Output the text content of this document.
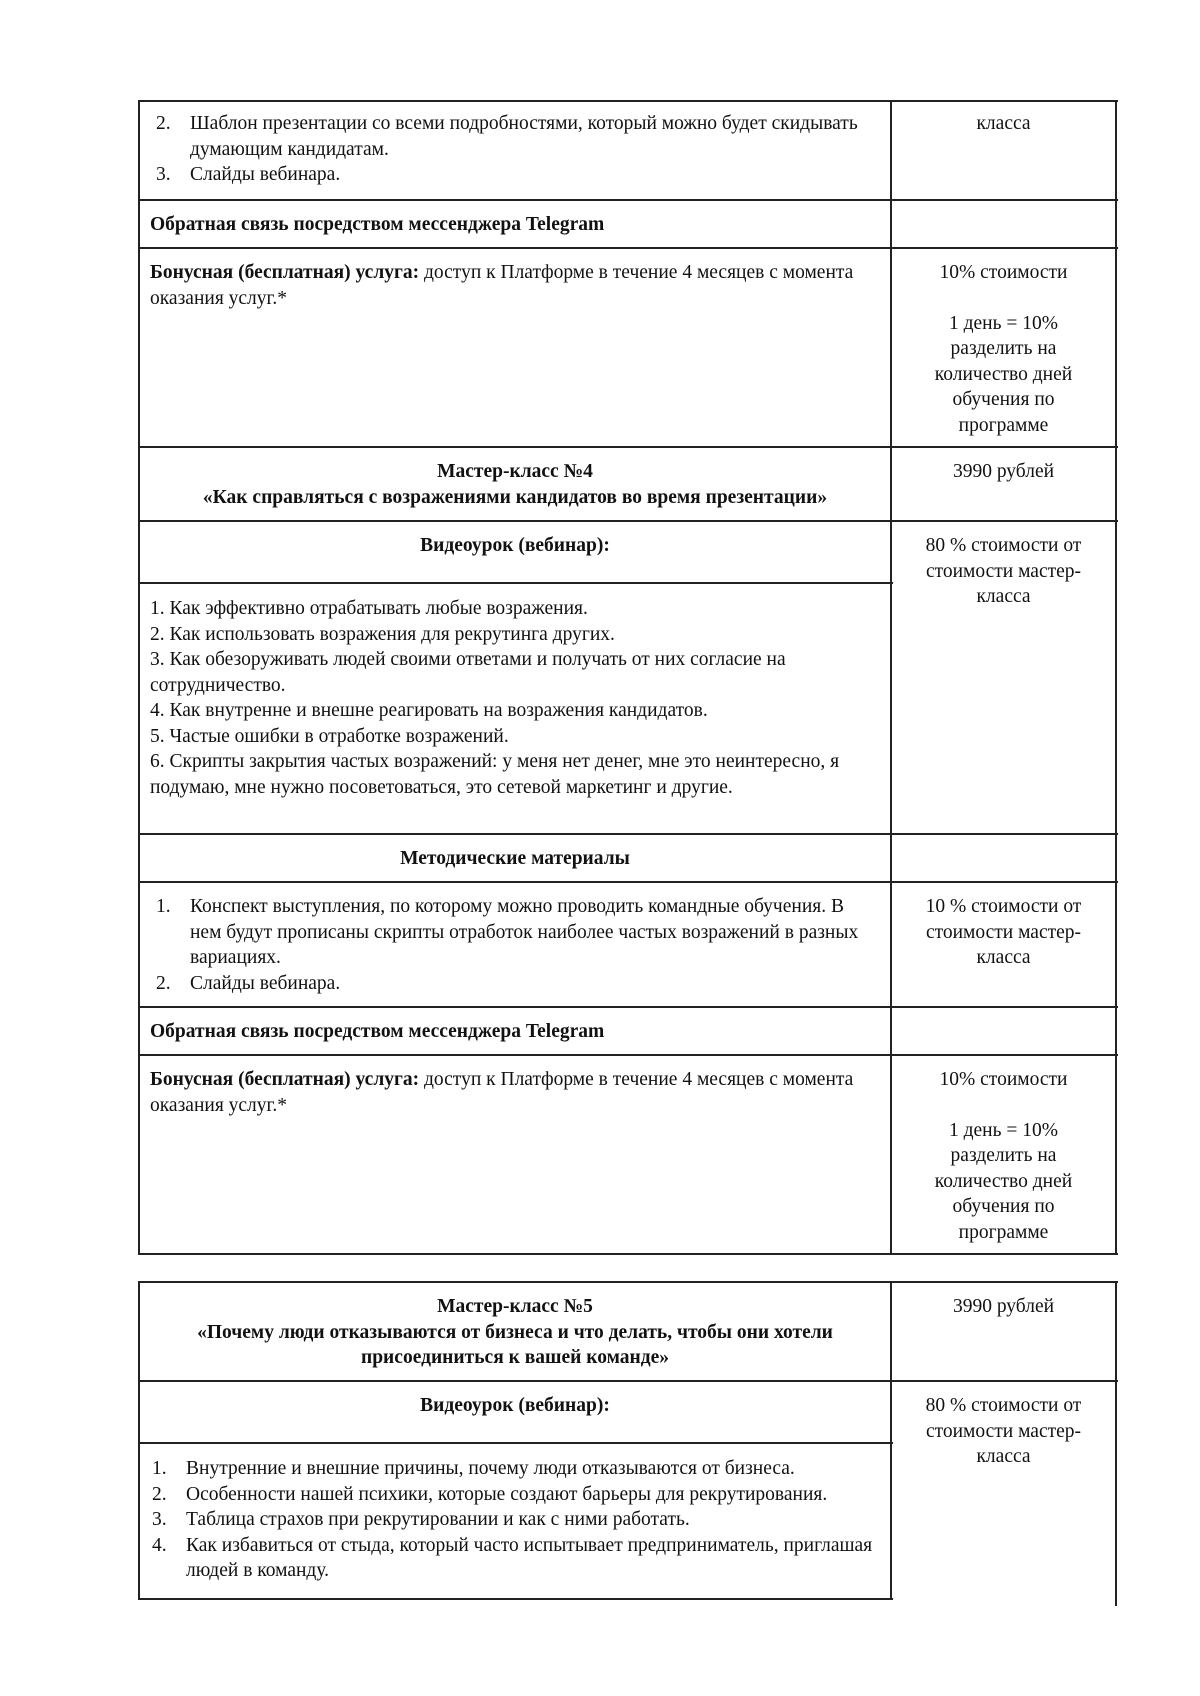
2. Шаблон презентации со всеми подробностями, который можно будет скидывать думающим кандидатам.
3. Слайды вебинара.
класса
Обратная связь посредством мессенджера Telegram
Бонусная (бесплатная) услуга: доступ к Платформе в течение 4 месяцев с момента оказания услуг.*
10% стоимости
1 день = 10% разделить на количество дней обучения по программе
Мастер-класс №4
«Как справляться с возражениями кандидатов во время презентации»
3990 рублей
Видеоурок (вебинар):	80 % стоимости от стоимости мастер-класса

1. Как эффективно отрабатывать любые возражения.

2. Как использовать возражения для рекрутинга других.

3. Как обезоруживать людей своими ответами и получать от них согласие на сотрудничество.

4. Как внутренне и внешне реагировать на возражения кандидатов.

5. Частые ошибки в отработке возражений.

6. Скрипты закрытия частых возражений: у меня нет денег, мне это неинтересно, я подумаю, мне нужно посоветоваться, это сетевой маркетинг и другие.

Методические материалы
1. Конспект выступления, по которому можно проводить командные обучения. В нем будут прописаны скрипты отработок наиболее частых возражений в разных вариациях.
2. Слайды вебинара.
10 % стоимости от стоимости мастер-класса
Обратная связь посредством мессенджера Telegram
Бонусная (бесплатная) услуга: доступ к Платформе в течение 4 месяцев с момента оказания услуг.*
10% стоимости
1 день = 10% разделить на количество дней обучения по программе
Мастер-класс №5
«Почему люди отказываются от бизнеса и что делать, чтобы они хотели присоединиться к вашей команде»
3990 рублей
Видеоурок (вебинар):	80 % стоимости от стоимости мастер-класса
1. Внутренние и внешние причины, почему люди отказываются от бизнеса.
2. Особенности нашей психики, которые создают барьеры для рекрутирования.
3. Таблица страхов при рекрутировании и как с ними работать.
4. Как избавиться от стыда, который часто испытывает предприниматель, приглашая людей в команду.
